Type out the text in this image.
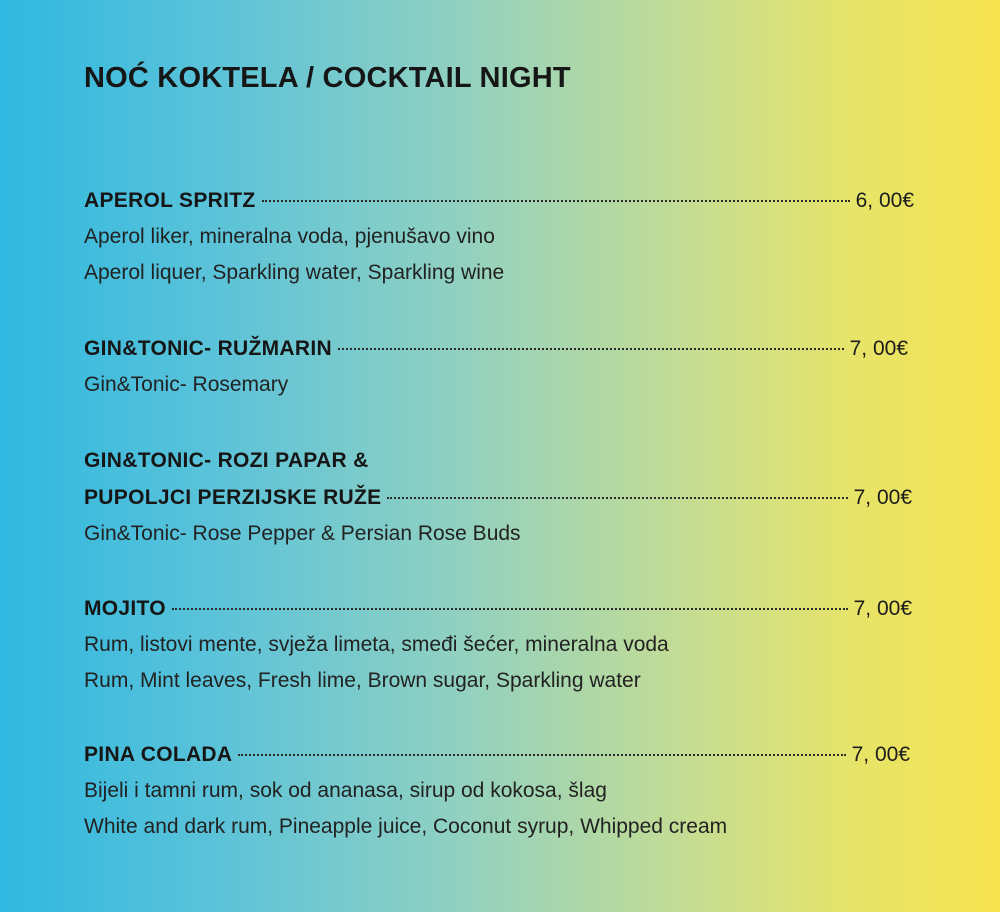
NOĆ KOKTELA / COCKTAIL NIGHT
APEROL SPRITZ	6, 00€
Aperol liker, mineralna voda, pjenušavo vino
Aperol liquer, Sparkling water, Sparkling wine
GIN&TONIC- RUŽMARIN	7, 00€
Gin&Tonic- Rosemary
GIN&TONIC- ROZI PAPAR &
PUPOLJCI PERZIJSKE RUŽE	7, 00€
Gin&Tonic- Rose Pepper & Persian Rose Buds
MOJITO	7, 00€
Rum, listovi mente, svježa limeta, smeđi šećer, mineralna voda
Rum, Mint leaves, Fresh lime, Brown sugar, Sparkling water
PINA COLADA	7, 00€
Bijeli i tamni rum, sok od ananasa, sirup od kokosa, šlag
White and dark rum, Pineapple juice, Coconut syrup, Whipped cream
